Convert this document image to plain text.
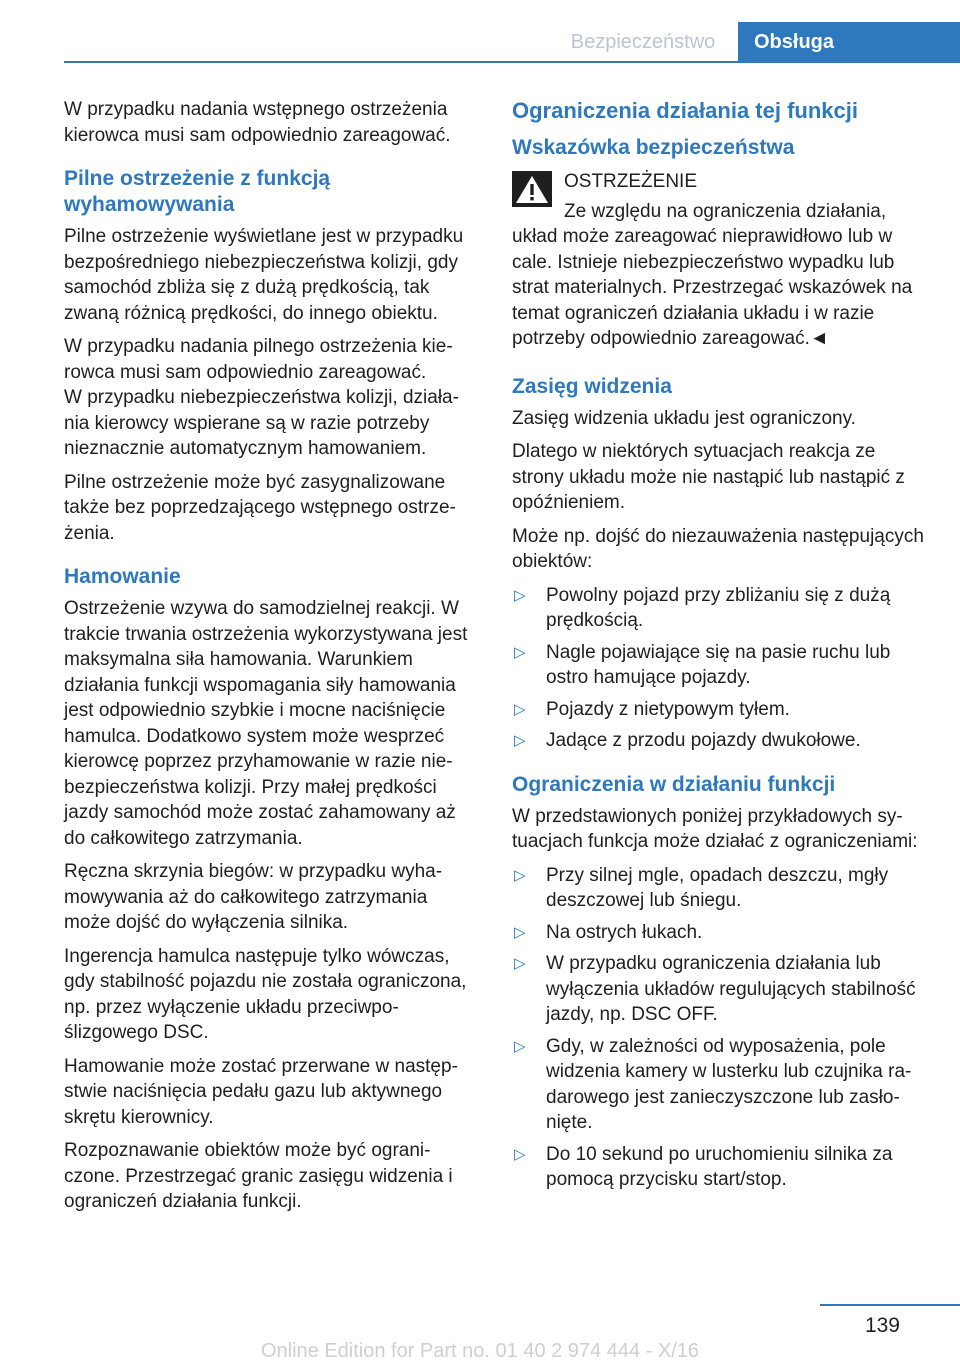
Bezpieczeństwo	Obsługa

W przypadku nadania wstępnego ostrzeżenia kierowca musi sam odpowiednio zareagować.

Pilne ostrzeżenie z funkcją wyhamowywania

Pilne ostrzeżenie wyświetlane jest w przypadku bezpośredniego niebezpieczeństwa kolizji, gdy samochód zbliża się z dużą prędkością, tak zwaną różnicą prędkości, do innego obiektu.

W przypadku nadania pilnego ostrzeżenia kierowca musi sam odpowiednio zareagować.
W przypadku niebezpieczeństwa kolizji, działania kierowcy wspierane są w razie potrzeby nieznacznie automatycznym hamowaniem.

Pilne ostrzeżenie może być zasygnalizowane także bez poprzedzającego wstępnego ostrzeżenia.

Hamowanie

Ostrzeżenie wzywa do samodzielnej reakcji. W trakcie trwania ostrzeżenia wykorzystywana jest maksymalna siła hamowania. Warunkiem działania funkcji wspomagania siły hamowania jest odpowiednio szybkie i mocne naciśnięcie hamulca. Dodatkowo system może wesprzeć kierowcę poprzez przyhamowanie w razie niebezpieczeństwa kolizji. Przy małej prędkości jazdy samochód może zostać zahamowany aż do całkowitego zatrzymania.

Ręczna skrzynia biegów: w przypadku wyhamowywania aż do całkowitego zatrzymania może dojść do wyłączenia silnika.

Ingerencja hamulca następuje tylko wówczas, gdy stabilność pojazdu nie została ograniczona, np. przez wyłączenie układu przeciwpoślizgowego DSC.

Hamowanie może zostać przerwane w następstwie naciśnięcia pedału gazu lub aktywnego skrętu kierownicy.

Rozpoznawanie obiektów może być ograniczone. Przestrzegać granic zasięgu widzenia i ograniczeń działania funkcji.

Ograniczenia działania tej funkcji
Wskazówka bezpieczeństwa

OSTRZEŻENIE

Ze względu na ograniczenia działania, układ może zareagować nieprawidłowo lub w cale. Istnieje niebezpieczeństwo wypadku lub strat materialnych. Przestrzegać wskazówek na temat ograniczeń działania układu i w razie potrzeby odpowiednio zareagować.◄

Zasięg widzenia

Zasięg widzenia układu jest ograniczony.

Dlatego w niektórych sytuacjach reakcja ze strony układu może nie nastąpić lub nastąpić z opóźnieniem.

Może np. dojść do niezauważenia następujących obiektów:

▷ Powolny pojazd przy zbliżaniu się z dużą prędkością.
▷ Nagle pojawiające się na pasie ruchu lub ostro hamujące pojazdy.
▷ Pojazdy z nietypowym tyłem.
▷ Jadące z przodu pojazdy dwukołowe.
Ograniczenia w działaniu funkcji

W przedstawionych poniżej przykładowych sytuacjach funkcja może działać z ograniczeniami:

▷ Przy silnej mgle, opadach deszczu, mgły deszczowej lub śniegu.
▷ Na ostrych łukach.
▷ W przypadku ograniczenia działania lub wyłączenia układów regulujących stabilność jazdy, np. DSC OFF.
▷ Gdy, w zależności od wyposażenia, pole widzenia kamery w lusterku lub czujnika radarowego jest zanieczyszczone lub zasłonięte.
▷ Do 10 sekund po uruchomieniu silnika za pomocą przycisku start/stop.
139
Online Edition for Part no. 01 40 2 974 444 - X/16
